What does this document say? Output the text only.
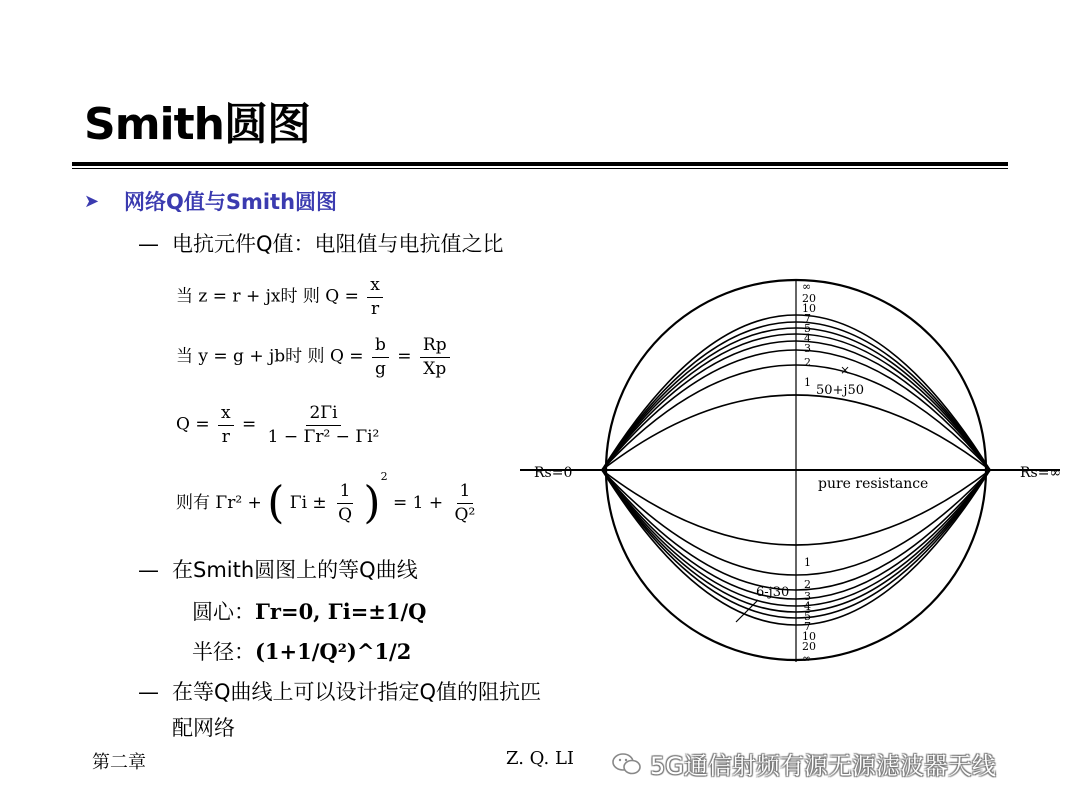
Smith圆图
➤	网络Q值与Smith圆图
— 电抗元件Q值：电阻值与电抗值之比
当 z = r + jx时 则 $Q = \frac{x}{r}$
当 y = g + jb时 则 $Q = \frac{b}{g} = \frac{Rp}{Xp}$
$Q = \frac{x}{r} = \frac{2\Gamma i}{\text{1 − Γr² − Γi²}}$
则有 Γr² + ( $\Gamma i \pm \frac{1}{Q} )^2 = 1 + \frac{1}{\text{Q²}}$
— 在Smith圆图上的等Q曲线
圆心：Γr=0, Γi=±1/Q
半径：(1+1/Q²)^1/2
— 在等Q曲线上可以设计指定Q值的阻抗匹
配网络
Rs=0	Rs=∞
pure resistance
50+j50
×
6-j30
∞
20
10
7
5
4
3
2
1
1
2
3
4
5
7
10
20
∞
第二章	Z. Q. LI	5G通信射频有源无源滤波器天线
